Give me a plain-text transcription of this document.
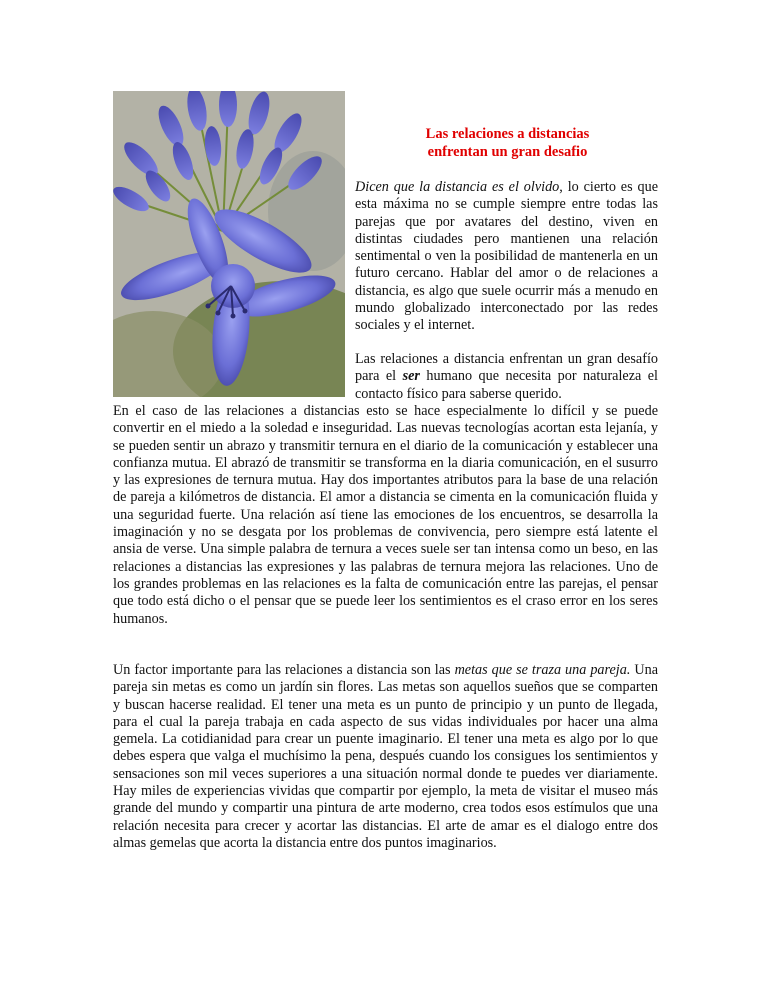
Las relaciones a distancias
enfrentan un gran desafio

Dicen que la distancia es el olvido, lo cierto es que esta máxima no se cumple siempre entre todas las parejas que por avatares del destino, viven en distintas ciudades pero mantienen una relación sentimental o ven la posibilidad de mantenerla en un futuro cercano. Hablar del amor o de relaciones a distancia, es algo que suele ocurrir más a menudo en mundo globalizado interconectado por las redes sociales y el internet.

Las relaciones a distancia enfrentan un gran desafío para el ser humano que necesita por naturaleza el contacto físico para saberse querido.

En el caso de las relaciones a distancias esto se hace especialmente lo difícil y se puede convertir en el miedo a la soledad e inseguridad. Las nuevas tecnologías acortan esta lejanía, y se pueden sentir un abrazo y transmitir ternura en el diario de la comunicación y establecer una confianza mutua. El abrazó de transmitir se transforma en la diaria comunicación, en el susurro y las expresiones de ternura mutua. Hay dos importantes atributos para la base de una relación de pareja a kilómetros de distancia. El amor a distancia se cimenta en la comunicación fluida y una seguridad fuerte. Una relación así tiene las emociones de los encuentros, se desarrolla la imaginación y no se desgata por los problemas de convivencia, pero siempre está latente el ansia de verse. Una simple palabra de ternura a veces suele ser tan intensa como un beso, en las relaciones a distancias las expresiones y las palabras de ternura mejora las relaciones. Uno de los grandes problemas en las relaciones es la falta de comunicación entre las parejas, el pensar que todo está dicho o el pensar que se puede leer los sentimientos es el craso error en los seres humanos.

Un factor importante para las relaciones a distancia son las metas que se traza una pareja. Una pareja sin metas es como un jardín sin flores. Las metas son aquellos sueños que se comparten y buscan hacerse realidad. El tener una meta es un punto de principio y un punto de llegada, para el cual la pareja trabaja en cada aspecto de sus vidas individuales por hacer una alma gemela. La cotidianidad para crear un puente imaginario. El tener una meta es algo por lo que debes espera que valga el muchísimo la pena, después cuando los consigues los sentimientos y sensaciones son mil veces superiores a una situación normal donde te puedes ver diariamente. Hay miles de experiencias vividas que compartir por ejemplo, la meta de visitar el museo más grande del mundo y compartir una pintura de arte moderno, crea todos esos estímulos que una relación necesita para crecer y acortar las distancias. El arte de amar es el dialogo entre dos almas gemelas que acorta la distancia entre dos puntos imaginarios.
